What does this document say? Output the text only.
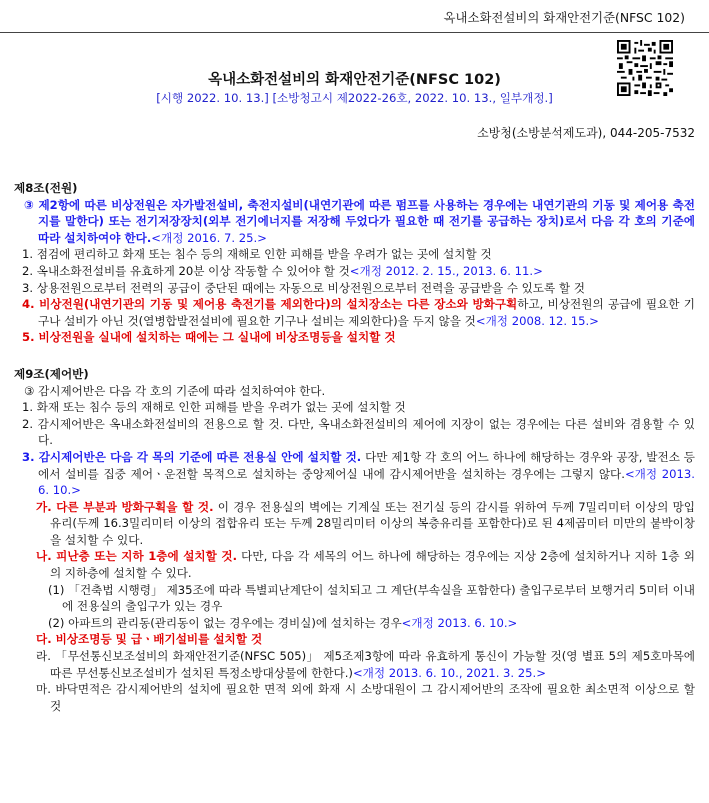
옥내소화전설비의 화재안전기준(NFSC 102)
옥내소화전설비의 화재안전기준(NFSC 102)
[시행 2022. 10. 13.] [소방청고시 제2022-26호, 2022. 10. 13., 일부개정.]
소방청(소방분석제도과), 044-205-7532

제8조(전원)

③ 제2항에 따른 비상전원은 자가발전설비, 축전지설비(내연기관에 따른 펌프를 사용하는 경우에는 내연기관의 기동 및 제어용 축전지를 말한다) 또는 전기저장장치(외부 전기에너지를 저장해 두었다가 필요한 때 전기를 공급하는 장치)로서 다음 각 호의 기준에 따라 설치하여야 한다.<개정 2016. 7. 25.>

1. 점검에 편리하고 화재 또는 침수 등의 재해로 인한 피해를 받을 우려가 없는 곳에 설치할 것

2. 옥내소화전설비를 유효하게 20분 이상 작동할 수 있어야 할 것<개정 2012. 2. 15., 2013. 6. 11.>

3. 상용전원으로부터 전력의 공급이 중단된 때에는 자동으로 비상전원으로부터 전력을 공급받을 수 있도록 할 것

4. 비상전원(내연기관의 기동 및 제어용 축전기를 제외한다)의 설치장소는 다른 장소와 방화구획하고, 비상전원의 공급에 필요한 기구나 설비가 아닌 것(열병합발전설비에 필요한 기구나 설비는 제외한다)을 두지 않을 것<개정 2008. 12. 15.>

5. 비상전원을 실내에 설치하는 때에는 그 실내에 비상조명등을 설치할 것

제9조(제어반)

③ 감시제어반은 다음 각 호의 기준에 따라 설치하여야 한다.

1. 화재 또는 침수 등의 재해로 인한 피해를 받을 우려가 없는 곳에 설치할 것

2. 감시제어반은 옥내소화전설비의 전용으로 할 것. 다만, 옥내소화전설비의 제어에 지장이 없는 경우에는 다른 설비와 겸용할 수 있다.

3. 감시제어반은 다음 각 목의 기준에 따른 전용실 안에 설치할 것. 다만 제1항 각 호의 어느 하나에 해당하는 경우와 공장, 발전소 등에서 설비를 집중 제어ㆍ운전할 목적으로 설치하는 중앙제어실 내에 감시제어반을 설치하는 경우에는 그렇지 않다.<개정 2013. 6. 10.>

가. 다른 부분과 방화구획을 할 것. 이 경우 전용실의 벽에는 기계실 또는 전기실 등의 감시를 위하여 두께 7밀리미터 이상의 망입유리(두께 16.3밀리미터 이상의 접합유리 또는 두께 28밀리미터 이상의 복층유리를 포함한다)로 된 4제곱미터 미만의 붙박이창을 설치할 수 있다.

나. 피난층 또는 지하 1층에 설치할 것. 다만, 다음 각 세목의 어느 하나에 해당하는 경우에는 지상 2층에 설치하거나 지하 1층 외의 지하층에 설치할 수 있다.

(1) 「건축법 시행령」 제35조에 따라 특별피난계단이 설치되고 그 계단(부속실을 포함한다) 출입구로부터 보행거리 5미터 이내에 전용실의 출입구가 있는 경우

(2) 아파트의 관리동(관리동이 없는 경우에는 경비실)에 설치하는 경우<개정 2013. 6. 10.>

다. 비상조명등 및 급ㆍ배기설비를 설치할 것

라. 「무선통신보조설비의 화재안전기준(NFSC 505)」 제5조제3항에 따라 유효하게 통신이 가능할 것(영 별표 5의 제5호마목에 따른 무선통신보조설비가 설치된 특정소방대상물에 한한다.)<개정 2013. 6. 10., 2021. 3. 25.>

마. 바닥면적은 감시제어반의 설치에 필요한 면적 외에 화재 시 소방대원이 그 감시제어반의 조작에 필요한 최소면적 이상으로 할 것
